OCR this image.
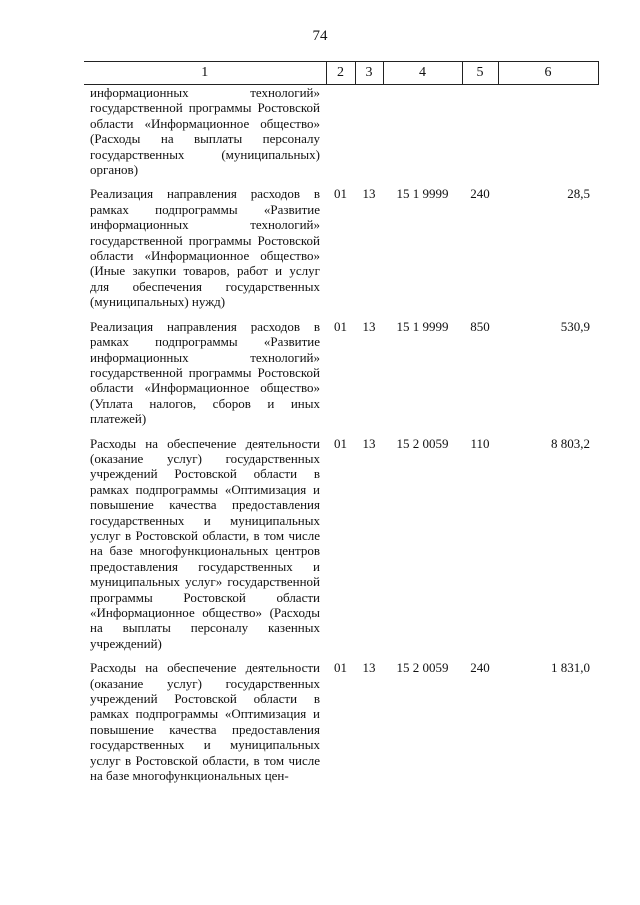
74
1	2	3	4	5	6
информационных технологий» государственной программы Ростовской области «Информационное общество» (Расходы на выплаты персоналу государственных (муниципальных) органов)					
Реализация направления расходов в рамках подпрограммы «Развитие информационных технологий» государственной программы Ростовской области «Информационное общество» (Иные закупки товаров, работ и услуг для обеспечения государственных (муниципальных) нужд)	01	13	15 1 9999	240	28,5
Реализация направления расходов в рамках подпрограммы «Развитие информационных технологий» государственной программы Ростовской области «Информационное общество» (Уплата налогов, сборов и иных платежей)	01	13	15 1 9999	850	530,9
Расходы на обеспечение деятельности (оказание услуг) государственных учреждений Ростовской области в рамках подпрограммы «Оптимизация и повышение качества предоставления государственных и муниципальных услуг в Ростовской области, в том числе на базе многофункциональных центров предоставления государственных и муниципальных услуг» государственной программы Ростовской области «Информационное общество» (Расходы на выплаты персоналу казенных учреждений)	01	13	15 2 0059	110	8 803,2
Расходы на обеспечение деятельности (оказание услуг) государственных учреждений Ростовской области в рамках подпрограммы «Оптимизация и повышение качества предоставления государственных и муниципальных услуг в Ростовской области, в том числе на базе многофункциональных цен-	01	13	15 2 0059	240	1 831,0
